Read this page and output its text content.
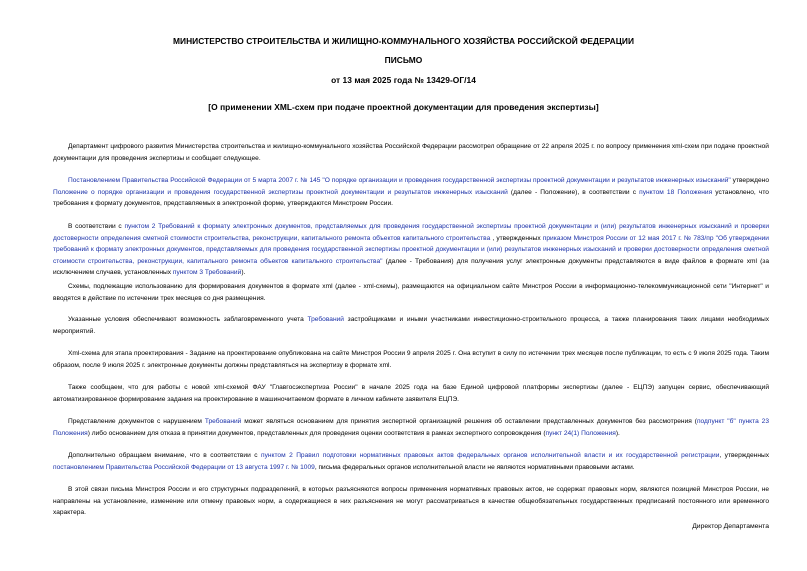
МИНИСТЕРСТВО СТРОИТЕЛЬСТВА И ЖИЛИЩНО-КОММУНАЛЬНОГО ХОЗЯЙСТВА РОССИЙСКОЙ ФЕДЕРАЦИИ
ПИСЬМО
от 13 мая 2025 года № 13429-ОГ/14
[О применении XML-схем при подаче проектной документации для проведения экспертизы]

Департамент цифрового развития Министерства строительства и жилищно-коммунального хозяйства Российской Федерации рассмотрел обращение от 22 апреля 2025 г. по вопросу применения xml-схем при подаче проектной документации для проведения экспертизы и сообщает следующее.

Постановлением Правительства Российской Федерации от 5 марта 2007 г. № 145 "О порядке организации и проведения государственной экспертизы проектной документации и результатов инженерных изысканий" утверждено Положение о порядке организации и проведения государственной экспертизы проектной документации и результатов инженерных изысканий (далее - Положение), в соответствии с пунктом 18 Положения установлено, что требования к формату документов, представляемых в электронной форме, утверждаются Минстроем России.

В соответствии с пунктом 2 Требований к формату электронных документов, представляемых для проведения государственной экспертизы проектной документации и (или) результатов инженерных изысканий и проверки достоверности определения сметной стоимости строительства, реконструкции, капитального ремонта объектов капитального строительства , утвержденных приказом Минстроя России от 12 мая 2017 г. № 783/пр "Об утверждении требований к формату электронных документов, представляемых для проведения государственной экспертизы проектной документации и (или) результатов инженерных изысканий и проверки достоверности определения сметной стоимости строительства, реконструкции, капитального ремонта объектов капитального строительства" (далее - Требования) для получения услуг электронные документы представляются в виде файлов в формате xml (за исключением случаев, установленных пунктом 3 Требований).

Схемы, подлежащие использованию для формирования документов в формате xml (далее - xml-схемы), размещаются на официальном сайте Минстроя России в информационно-телекоммуникационной сети "Интернет" и вводятся в действие по истечении трех месяцев со дня размещения.

Указанные условия обеспечивают возможность заблаговременного учета Требований застройщиками и иными участниками инвестиционно-строительного процесса, а также планирования таких лицами необходимых мероприятий.

Xml-схема для этапа проектирования - Задание на проектирование опубликована на сайте Минстроя России 9 апреля 2025 г. Она вступит в силу по истечении трех месяцев после публикации, то есть с 9 июля 2025 года. Таким образом, после 9 июля 2025 г. электронные документы должны представляться на экспертизу в формате xml.

Также сообщаем, что для работы с новой xml-схемой ФАУ "Главгосэкспертиза России" в начале 2025 года на базе Единой цифровой платформы экспертизы (далее - ЕЦПЭ) запущен сервис, обеспечивающий автоматизированное формирование задания на проектирование в машиночитаемом формате в личном кабинете заявителя ЕЦПЭ.

Представление документов с нарушением Требований может являться основанием для принятия экспертной организацией решения об оставлении представленных документов без рассмотрения (подпункт "б" пункта 23 Положения) либо основанием для отказа в принятии документов, представленных для проведения оценки соответствия в рамках экспертного сопровождения (пункт 24(1) Положения).

Дополнительно обращаем внимание, что в соответствии с пунктом 2 Правил подготовки нормативных правовых актов федеральных органов исполнительной власти и их государственной регистрации, утвержденных постановлением Правительства Российской Федерации от 13 августа 1997 г. № 1009, письма федеральных органов исполнительной власти не являются нормативными правовыми актами.

В этой связи письма Минстроя России и его структурных подразделений, в которых разъясняются вопросы применения нормативных правовых актов, не содержат правовых норм, являются позицией Минстроя России, не направлены на установление, изменение или отмену правовых норм, а содержащиеся в них разъяснения не могут рассматриваться в качестве общеобязательных государственных предписаний постоянного или временного характера.

Директор Департамента
